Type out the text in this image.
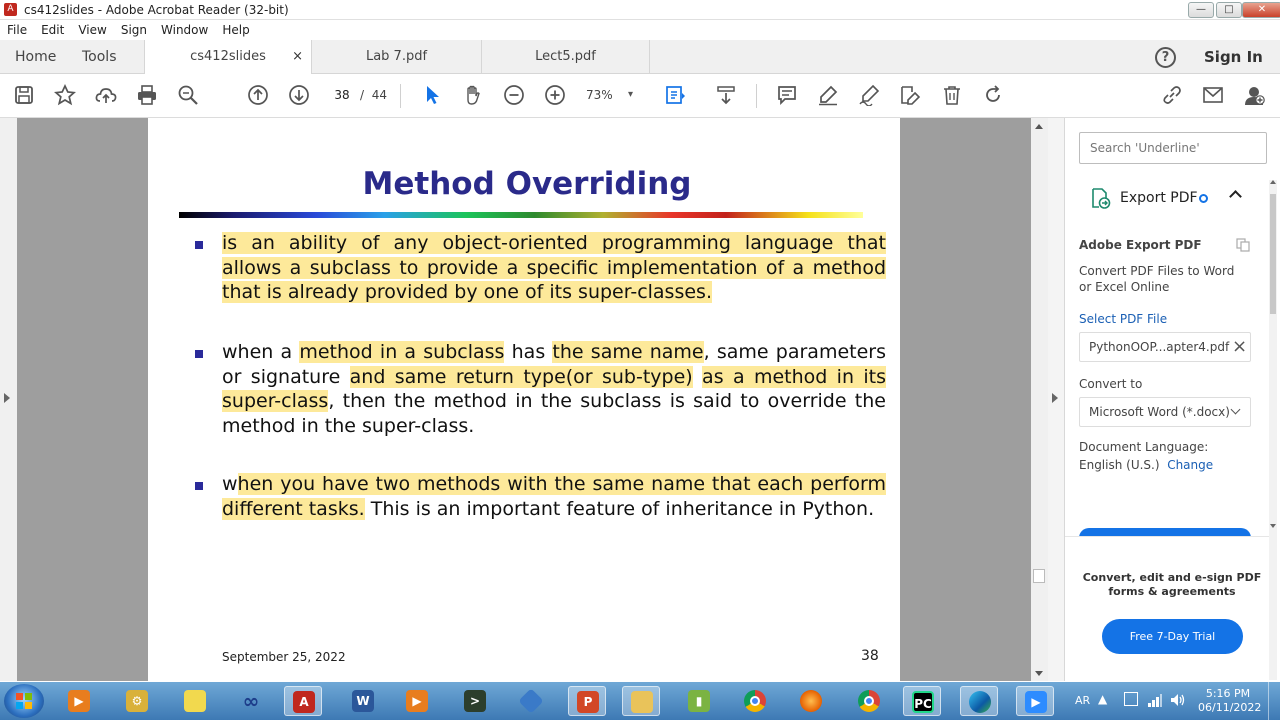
A cs412slides - Adobe Acrobat Reader (32-bit)	—	□	✕
File Edit View Sign Window Help
Home Tools	cs412slides ×	Lab 7.pdf	Lect5.pdf	?	Sign In
38 / 44	73% ▾
Method Overriding
is an ability of any object-oriented programming language that allows a subclass to provide a specific implementation of a method that is already provided by one of its super-classes.
when a method in a subclass has the same name, same parameters or signature and same return type(or sub-type) as a method in its super-class, then the method in the subclass is said to override the method in the super-class.
when you have two methods with the same name that each perform different tasks. This is an important feature of inheritance in Python.
September 25, 2022	38
Search 'Underline'
Export PDF
Adobe Export PDF
Convert PDF Files to Word or Excel Online
Select PDF File
PythonOOP...apter4.pdf ×
Convert to
Microsoft Word (*.docx)
Document Language:
English (U.S.) Change
Convert, edit and e-sign PDF forms & agreements
Free 7-Day Trial
▶	⚙	∞	A	W	▶	>	P	▮	PC	▶	AR ▲	5:16 PM
06/11/2022
